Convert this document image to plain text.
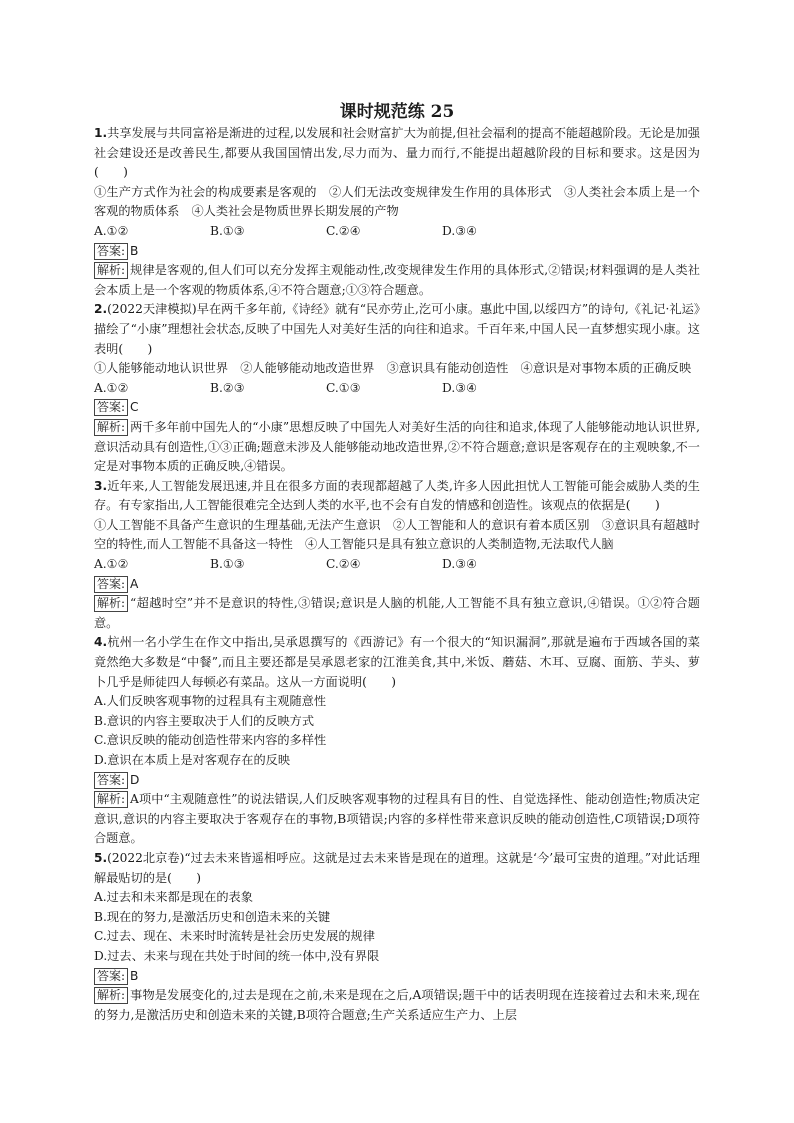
课时规范练 25

1.共享发展与共同富裕是渐进的过程,以发展和社会财富扩大为前提,但社会福利的提高不能超越阶段。无论是加强社会建设还是改善民生,都要从我国国情出发,尽力而为、量力而行,不能提出超越阶段的目标和要求。这是因为(　　)

①生产方式作为社会的构成要素是客观的　②人们无法改变规律发生作用的具体形式　③人类社会本质上是一个客观的物质体系　④人类社会是物质世界长期发展的产物

A.①②	B.①③	C.②④	D.③④

答案: B

解析: 规律是客观的,但人们可以充分发挥主观能动性,改变规律发生作用的具体形式,②错误;材料强调的是人类社会本质上是一个客观的物质体系,④不符合题意;①③符合题意。

2.(2022天津模拟)早在两千多年前,《诗经》就有“民亦劳止,汔可小康。惠此中国,以绥四方”的诗句,《礼记·礼运》描绘了“小康”理想社会状态,反映了中国先人对美好生活的向往和追求。千百年来,中国人民一直梦想实现小康。这表明(　　)

①人能够能动地认识世界　②人能够能动地改造世界　③意识具有能动创造性　④意识是对事物本质的正确反映

A.①②	B.②③	C.①③	D.③④

答案: C

解析: 两千多年前中国先人的“小康”思想反映了中国先人对美好生活的向往和追求,体现了人能够能动地认识世界,意识活动具有创造性,①③正确;题意未涉及人能够能动地改造世界,②不符合题意;意识是客观存在的主观映象,不一定是对事物本质的正确反映,④错误。

3.近年来,人工智能发展迅速,并且在很多方面的表现都超越了人类,许多人因此担忧人工智能可能会威胁人类的生存。有专家指出,人工智能很难完全达到人类的水平,也不会有自发的情感和创造性。该观点的依据是(　　)

①人工智能不具备产生意识的生理基础,无法产生意识　②人工智能和人的意识有着本质区别　③意识具有超越时空的特性,而人工智能不具备这一特性　④人工智能只是具有独立意识的人类制造物,无法取代人脑

A.①②	B.①③	C.②④	D.③④

答案: A

解析: “超越时空”并不是意识的特性,③错误;意识是人脑的机能,人工智能不具有独立意识,④错误。①②符合题意。

4.杭州一名小学生在作文中指出,吴承恩撰写的《西游记》有一个很大的“知识漏洞”,那就是遍布于西域各国的菜竟然绝大多数是“中餐”,而且主要还都是吴承恩老家的江淮美食,其中,米饭、蘑菇、木耳、豆腐、面筋、芋头、萝卜几乎是师徒四人每顿必有菜品。这从一方面说明(　　)

A.人们反映客观事物的过程具有主观随意性

B.意识的内容主要取决于人们的反映方式

C.意识反映的能动创造性带来内容的多样性

D.意识在本质上是对客观存在的反映

答案: D

解析: A项中“主观随意性”的说法错误,人们反映客观事物的过程具有目的性、自觉选择性、能动创造性;物质决定意识,意识的内容主要取决于客观存在的事物,B项错误;内容的多样性带来意识反映的能动创造性,C项错误;D项符合题意。

5.(2022北京卷)“过去未来皆遥相呼应。这就是过去未来皆是现在的道理。这就是‘今’最可宝贵的道理。”对此话理解最贴切的是(　　)

A.过去和未来都是现在的表象

B.现在的努力,是激活历史和创造未来的关键

C.过去、现在、未来时时流转是社会历史发展的规律

D.过去、未来与现在共处于时间的统一体中,没有界限

答案: B

解析: 事物是发展变化的,过去是现在之前,未来是现在之后,A项错误;题干中的话表明现在连接着过去和未来,现在的努力,是激活历史和创造未来的关键,B项符合题意;生产关系适应生产力、上层
